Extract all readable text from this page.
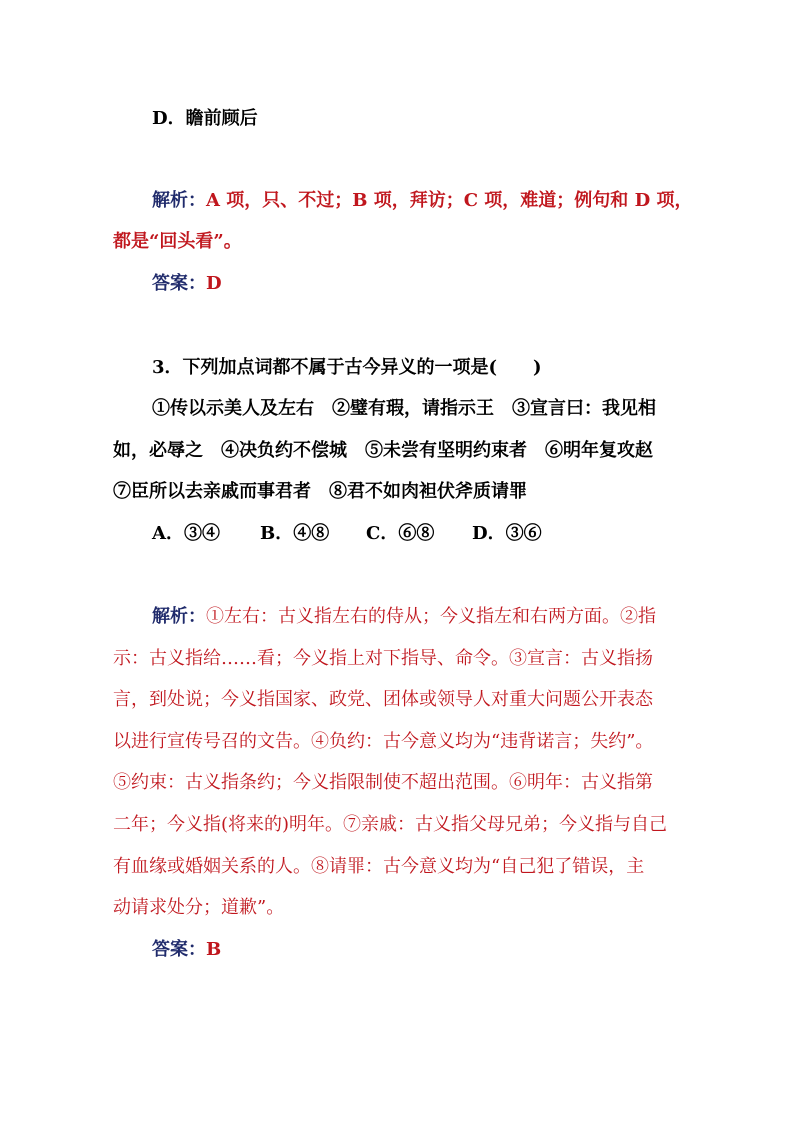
D．瞻前顾后
解析：A 项，只、不过；B 项，拜访；C 项，难道；例句和 D 项，
都是“回头看”。
答案：D
3．下列加点词都不属于古今异义的一项是(　　)
①传以示美人及左右　②璧有瑕，请指示王　③宣言曰：我见相
如，必辱之　④决负约不偿城　⑤未尝有坚明约束者　⑥明年复攻赵
⑦臣所以去亲戚而事君者　⑧君不如肉袒伏斧质请罪
A．③④ B．④⑧ C．⑥⑧ D．③⑥
解析：①左右：古义指左右的侍从；今义指左和右两方面。②指
示：古义指给……看；今义指上对下指导、命令。③宣言：古义指扬
言，到处说；今义指国家、政党、团体或领导人对重大问题公开表态
以进行宣传号召的文告。④负约：古今意义均为“违背诺言；失约”。
⑤约束：古义指条约；今义指限制使不超出范围。⑥明年：古义指第
二年；今义指(将来的)明年。⑦亲戚：古义指父母兄弟；今义指与自己
有血缘或婚姻关系的人。⑧请罪：古今意义均为“自己犯了错误，主
动请求处分；道歉”。
答案：B
